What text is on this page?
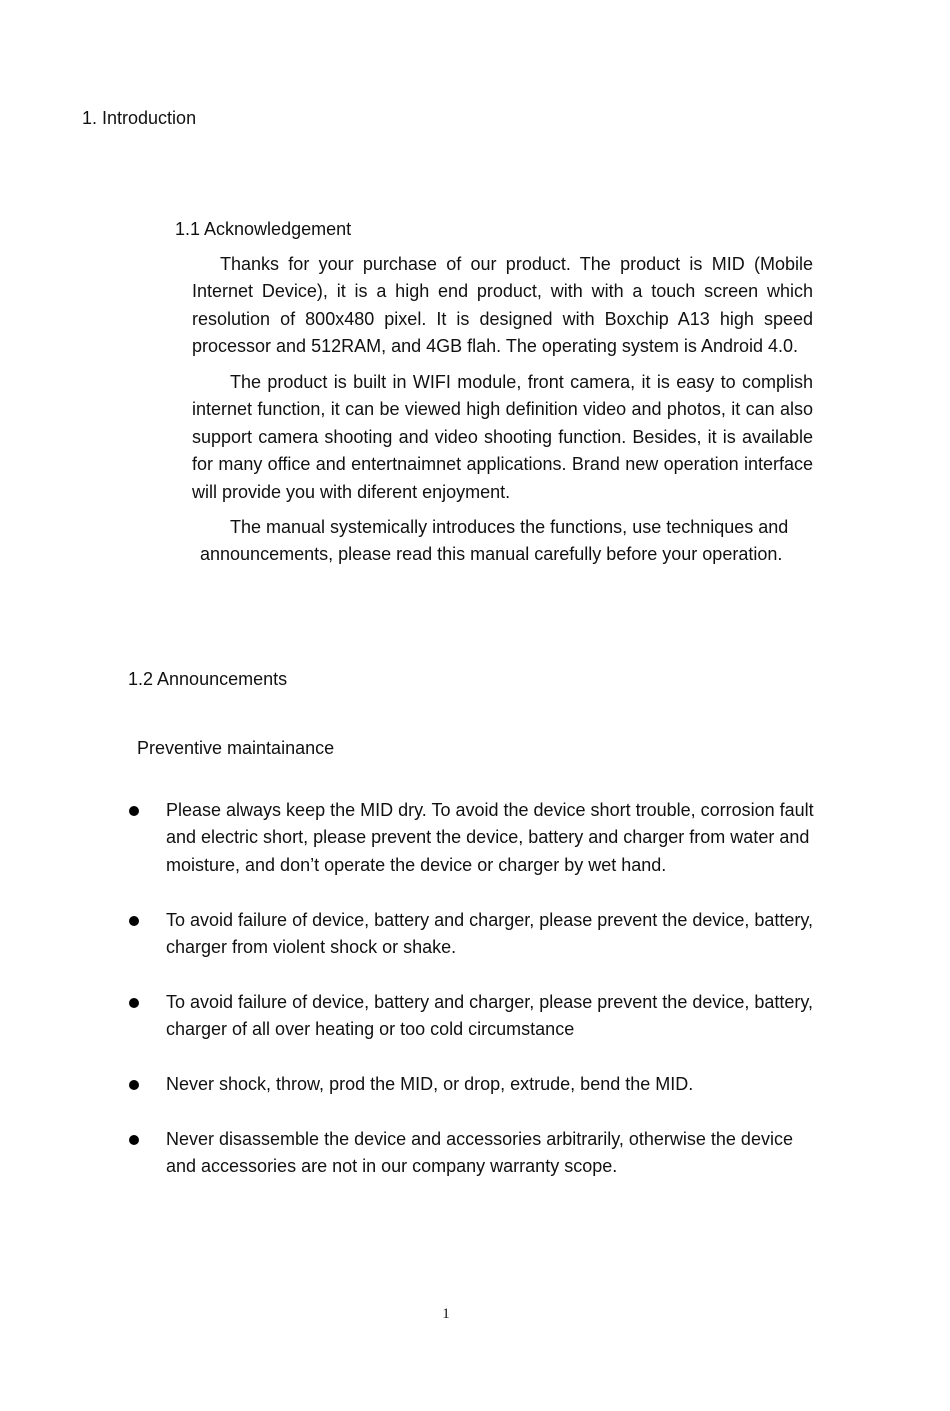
1. Introduction
1.1 Acknowledgement

Thanks for your purchase of our product. The product is MID (Mobile Internet Device), it is a high end product, with with a touch screen which resolution of 800x480 pixel. It is designed with Boxchip A13 high speed processor and 512RAM, and 4GB flah. The operating system is Android 4.0.

The product is built in WIFI module, front camera, it is easy to complish internet function, it can be viewed high definition video and photos, it can also support camera shooting and video shooting function. Besides, it is available for many office and entertnaimnet applications. Brand new operation interface will provide you with diferent enjoyment.

The manual systemically introduces the functions, use techniques and announcements, please read this manual carefully before your operation.

1.2 Announcements
Preventive maintainance
Please always keep the MID dry. To avoid the device short trouble, corrosion fault and electric short, please prevent the device, battery and charger from water and moisture, and don’t operate the device or charger by wet hand.
To avoid failure of device, battery and charger, please prevent the device, battery, charger from violent shock or shake.
To avoid failure of device, battery and charger, please prevent the device, battery, charger of all over heating or too cold circumstance
Never shock, throw, prod the MID, or drop, extrude, bend the MID.
Never disassemble the device and accessories arbitrarily, otherwise the device and accessories are not in our company warranty scope.
1
